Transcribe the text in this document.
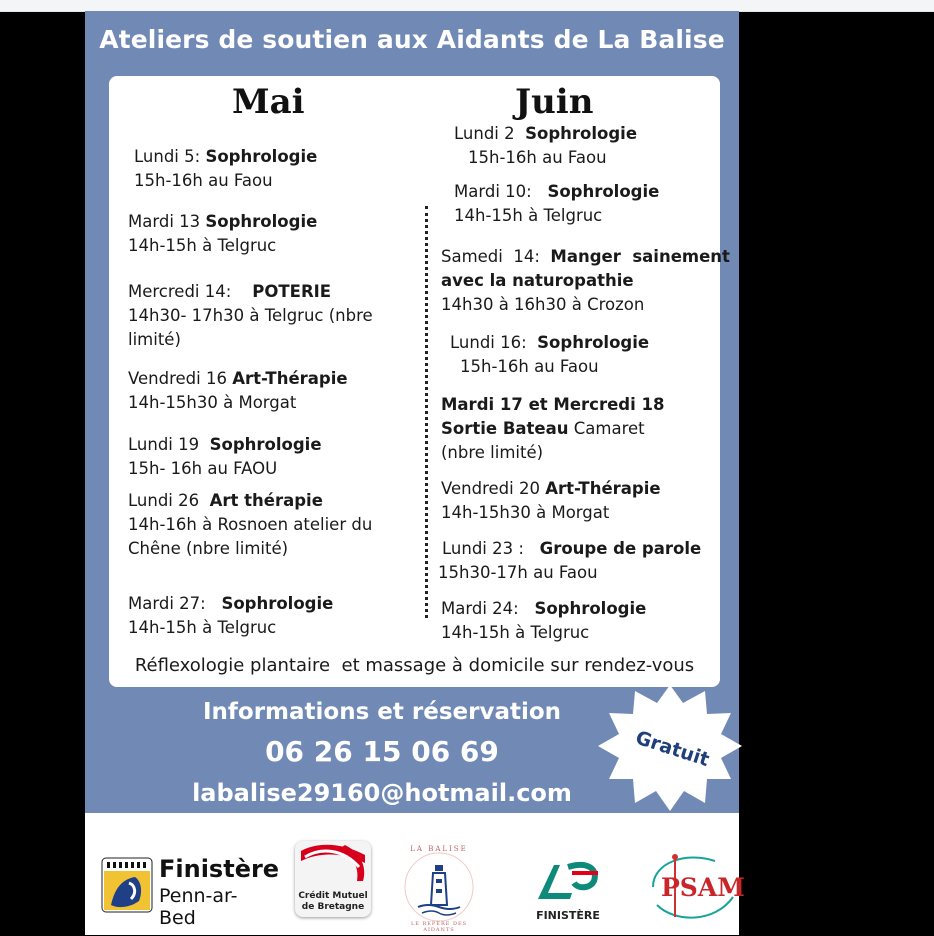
Ateliers de soutien aux Aidants de La Balise
Mai	Juin
Lundi 5: Sophrologie
15h-16h au Faou
Mardi 13 Sophrologie
14h-15h à Telgruc
Mercredi 14:    POTERIE
14h30- 17h30 à Telgruc (nbre
limité)
Vendredi 16 Art-Thérapie
14h-15h30 à Morgat
Lundi 19  Sophrologie
15h- 16h au FAOU
Lundi 26  Art thérapie
14h-16h à Rosnoen atelier du
Chêne (nbre limité)
Mardi 27:   Sophrologie
14h-15h à Telgruc
Lundi 2  Sophrologie
15h-16h au Faou
Mardi 10:   Sophrologie
14h-15h à Telgruc
Samedi  14:  Manger  sainement
avec la naturopathie
14h30 à 16h30 à Crozon
Lundi 16:  Sophrologie
15h-16h au Faou
Mardi 17 et Mercredi 18
Sortie Bateau Camaret
(nbre limité)
Vendredi 20 Art-Thérapie
14h-15h30 à Morgat
Lundi 23 :   Groupe de parole
15h30-17h au Faou
Mardi 24:   Sophrologie
14h-15h à Telgruc
Réflexologie plantaire  et massage à domicile sur rendez-vous
Informations et réservation
06 26 15 06 69
labalise29160@hotmail.com
Gratuit
Finistère
Penn-ar-Bed
Crédit Mutuel
de Bretagne
LA BALISE
LE REPÈRE DES AIDANTS
FINISTÈRE
PSAM
